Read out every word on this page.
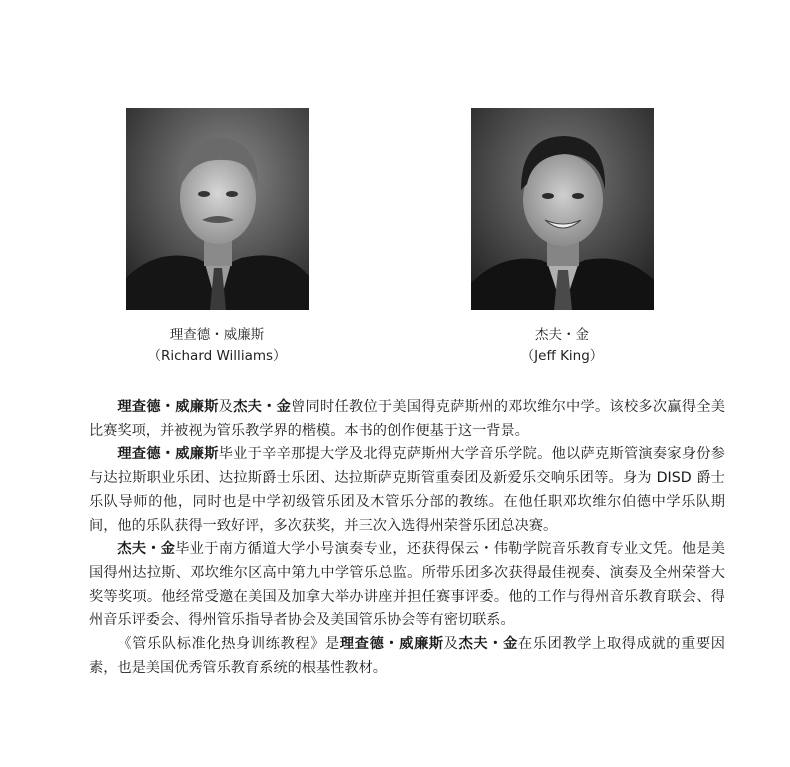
理查德・威廉斯
（Richard Williams）
杰夫・金
（Jeff King）

理查德・威廉斯及杰夫・金曾同时任教位于美国得克萨斯州的邓坎维尔中学。该校多次赢得全美比赛奖项，并被视为管乐教学界的楷模。本书的创作便基于这一背景。

理查德・威廉斯毕业于辛辛那提大学及北得克萨斯州大学音乐学院。他以萨克斯管演奏家身份参与达拉斯职业乐团、达拉斯爵士乐团、达拉斯萨克斯管重奏团及新爱乐交响乐团等。身为 DISD 爵士乐队导师的他，同时也是中学初级管乐团及木管乐分部的教练。在他任职邓坎维尔伯德中学乐队期间，他的乐队获得一致好评，多次获奖，并三次入选得州荣誉乐团总决赛。

杰夫・金毕业于南方循道大学小号演奏专业，还获得保云・伟勒学院音乐教育专业文凭。他是美国得州达拉斯、邓坎维尔区高中第九中学管乐总监。所带乐团多次获得最佳视奏、演奏及全州荣誉大奖等奖项。他经常受邀在美国及加拿大举办讲座并担任赛事评委。他的工作与得州音乐教育联会、得州音乐评委会、得州管乐指导者协会及美国管乐协会等有密切联系。

《管乐队标准化热身训练教程》是理查德・威廉斯及杰夫・金在乐团教学上取得成就的重要因素，也是美国优秀管乐教育系统的根基性教材。
